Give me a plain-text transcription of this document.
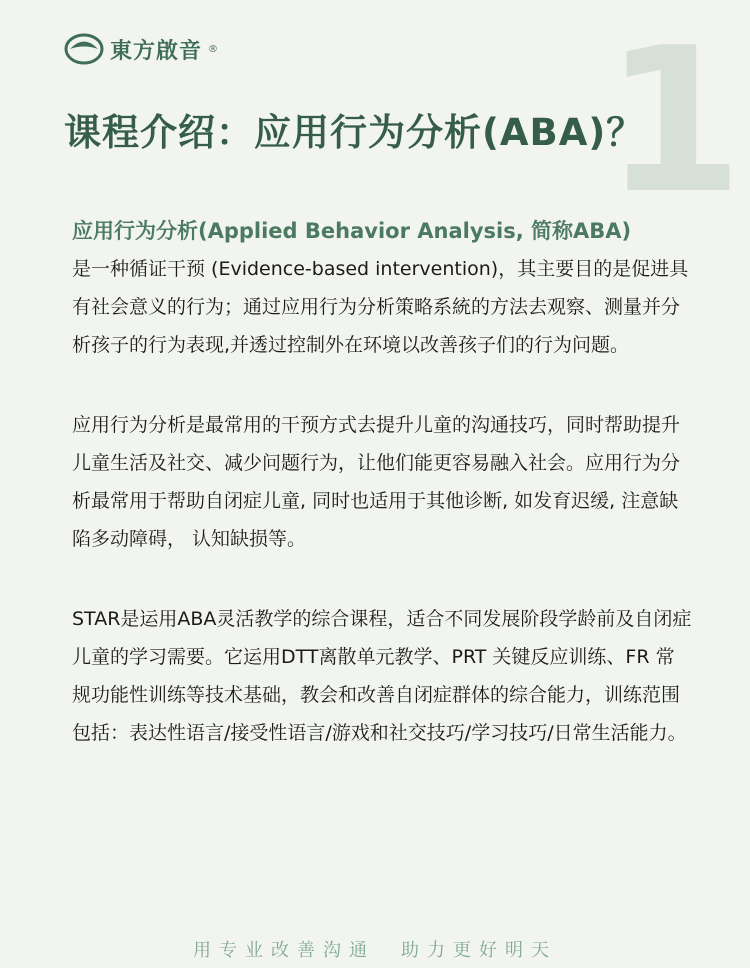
東方啟音 ® 1
课程介绍：应用行为分析(ABA)？
应用行为分析(Applied Behavior Analysis, 简称ABA)

是一种循证干预 (Evidence-based intervention)，其主要目的是促进具有社会意义的行为；通过应用行为分析策略系統的方法去观察、测量并分析孩子的行为表现,并透过控制外在环境以改善孩子们的行为问题。

应用行为分析是最常用的干预方式去提升儿童的沟通技巧，同时帮助提升儿童生活及社交、减少问题行为，让他们能更容易融入社会。应用行为分析最常用于帮助自闭症儿童, 同时也适用于其他诊断, 如发育迟缓, 注意缺陷多动障碍， 认知缺损等。

STAR是运用ABA灵活教学的综合课程，适合不同发展阶段学龄前及自闭症儿童的学习需要。它运用DTT离散单元教学、PRT 关键反应训练、FR 常规功能性训练等技术基础，教会和改善自闭症群体的综合能力，训练范围包括：表达性语言/接受性语言/游戏和社交技巧/学习技巧/日常生活能力。

用专业改善沟通　助力更好明天
